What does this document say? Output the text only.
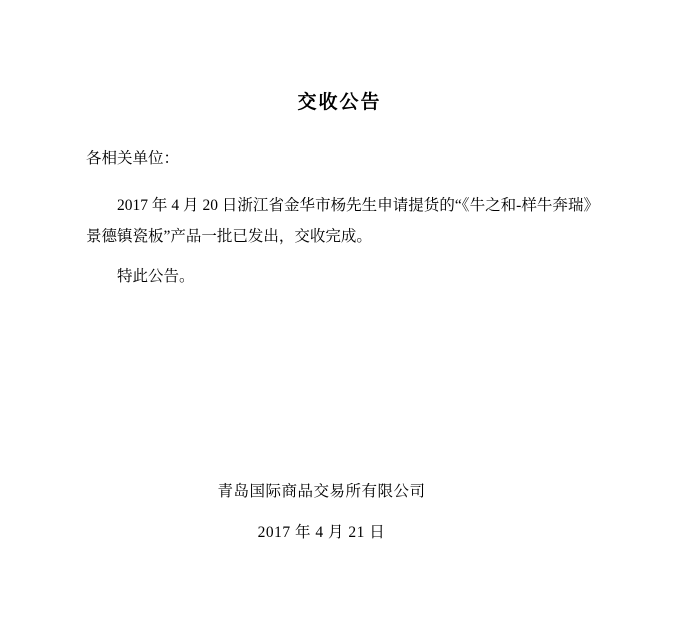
交收公告
各相关单位：
2017 年 4 月 20 日浙江省金华市杨先生申请提货的“《牛之和-样牛奔瑞》景德镇瓷板”产品一批已发出，交收完成。
特此公告。
青岛国际商品交易所有限公司
2017 年 4 月 21 日
